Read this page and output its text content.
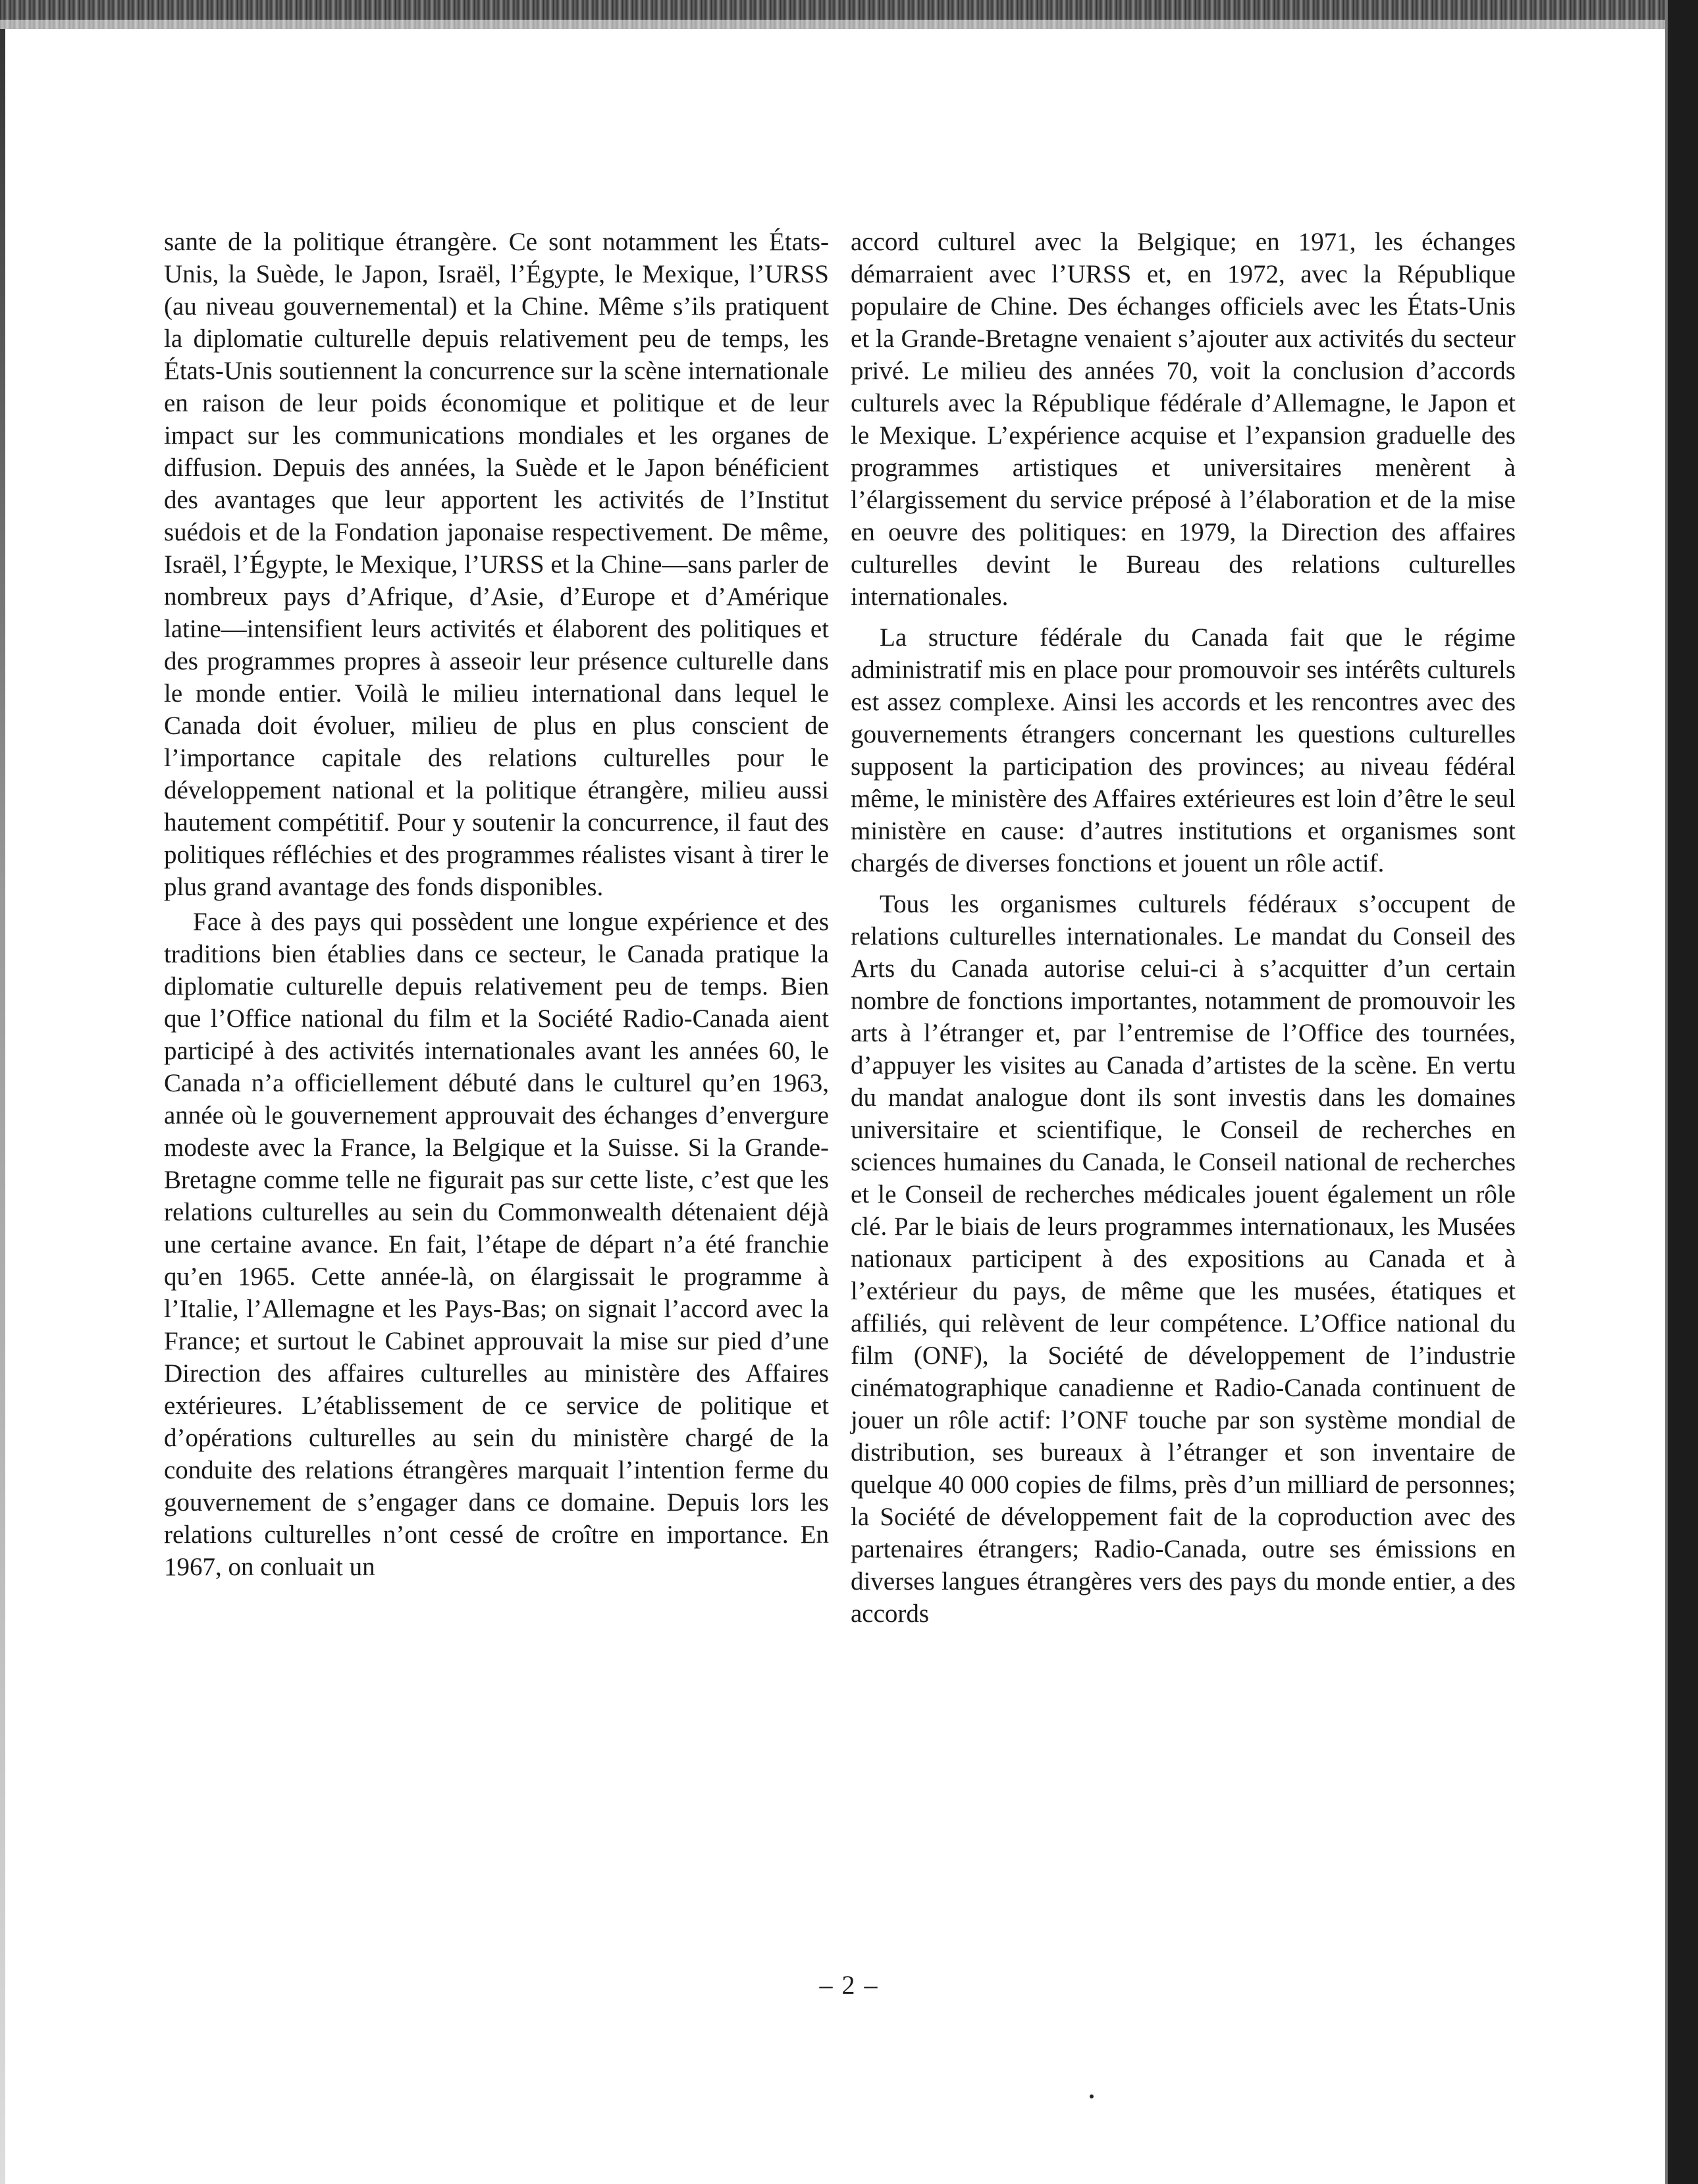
sante de la politique étrangère. Ce sont notamment les États-Unis, la Suède, le Japon, Israël, l’Égypte, le Mexique, l’URSS (au niveau gouvernemental) et la Chine. Même s’ils pratiquent la diplomatie culturelle depuis relativement peu de temps, les États-Unis soutiennent la concurrence sur la scène internationale en raison de leur poids économique et politique et de leur impact sur les communications mondiales et les organes de diffusion. Depuis des années, la Suède et le Japon bénéficient des avantages que leur apportent les activités de l’Institut suédois et de la Fondation japonaise respectivement. De même, Israël, l’Égypte, le Mexique, l’URSS et la Chine—sans parler de nombreux pays d’Afrique, d’Asie, d’Europe et d’Amérique latine—intensifient leurs activités et élaborent des politiques et des programmes propres à asseoir leur présence culturelle dans le monde entier. Voilà le milieu international dans lequel le Canada doit évoluer, milieu de plus en plus conscient de l’importance capitale des relations culturelles pour le développement national et la politique étrangère, milieu aussi hautement compétitif. Pour y soutenir la concurrence, il faut des politiques réfléchies et des programmes réalistes visant à tirer le plus grand avantage des fonds disponibles.

Face à des pays qui possèdent une longue expérience et des traditions bien établies dans ce secteur, le Canada pratique la diplomatie culturelle depuis relativement peu de temps. Bien que l’Office national du film et la Société Radio-Canada aient participé à des activités internationales avant les années 60, le Canada n’a officiellement débuté dans le culturel qu’en 1963, année où le gouvernement approuvait des échanges d’envergure modeste avec la France, la Belgique et la Suisse. Si la Grande-Bretagne comme telle ne figurait pas sur cette liste, c’est que les relations culturelles au sein du Commonwealth détenaient déjà une certaine avance. En fait, l’étape de départ n’a été franchie qu’en 1965. Cette année-là, on élargissait le programme à l’Italie, l’Allemagne et les Pays-Bas; on signait l’accord avec la France; et surtout le Cabinet approuvait la mise sur pied d’une Direction des affaires culturelles au ministère des Affaires extérieures. L’établissement de ce service de politique et d’opérations culturelles au sein du ministère chargé de la conduite des relations étrangères marquait l’intention ferme du gouvernement de s’engager dans ce domaine. Depuis lors les relations culturelles n’ont cessé de croître en importance. En 1967, on conluait un

accord culturel avec la Belgique; en 1971, les échanges démarraient avec l’URSS et, en 1972, avec la République populaire de Chine. Des échanges officiels avec les États-Unis et la Grande-Bretagne venaient s’ajouter aux activités du secteur privé. Le milieu des années 70, voit la conclusion d’accords culturels avec la République fédérale d’Allemagne, le Japon et le Mexique. L’expérience acquise et l’expansion graduelle des programmes artistiques et universitaires menèrent à l’élargissement du service préposé à l’élaboration et de la mise en oeuvre des politiques: en 1979, la Direction des affaires culturelles devint le Bureau des relations culturelles internationales.

La structure fédérale du Canada fait que le régime administratif mis en place pour promouvoir ses intérêts culturels est assez complexe. Ainsi les accords et les rencontres avec des gouvernements étrangers concernant les questions culturelles supposent la participation des provinces; au niveau fédéral même, le ministère des Affaires extérieures est loin d’être le seul ministère en cause: d’autres institutions et organismes sont chargés de diverses fonctions et jouent un rôle actif.

Tous les organismes culturels fédéraux s’occupent de relations culturelles internationales. Le mandat du Conseil des Arts du Canada autorise celui-ci à s’acquitter d’un certain nombre de fonctions importantes, notamment de promouvoir les arts à l’étranger et, par l’entremise de l’Office des tournées, d’appuyer les visites au Canada d’artistes de la scène. En vertu du mandat analogue dont ils sont investis dans les domaines universitaire et scientifique, le Conseil de recherches en sciences humaines du Canada, le Conseil national de recherches et le Conseil de recherches médicales jouent également un rôle clé. Par le biais de leurs programmes internationaux, les Musées nationaux participent à des expositions au Canada et à l’extérieur du pays, de même que les musées, étatiques et affiliés, qui relèvent de leur compétence. L’Office national du film (ONF), la Société de développement de l’industrie cinématographique canadienne et Radio-Canada continuent de jouer un rôle actif: l’ONF touche par son système mondial de distribution, ses bureaux à l’étranger et son inventaire de quelque 40 000 copies de films, près d’un milliard de personnes; la Société de développement fait de la coproduction avec des partenaires étrangers; Radio-Canada, outre ses émissions en diverses langues étrangères vers des pays du monde entier, a des accords

– 2 –
